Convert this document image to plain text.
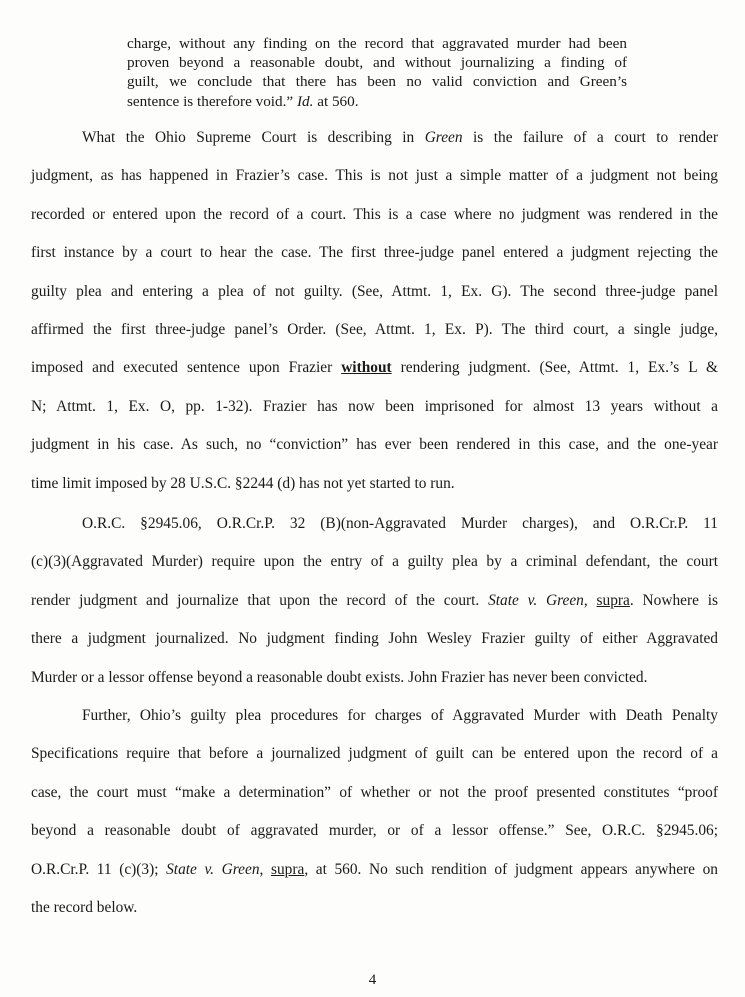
charge, without any finding on the record that aggravated murder had been
proven beyond a reasonable doubt, and without journalizing a finding of
guilt, we conclude that there has been no valid conviction and Green’s
sentence is therefore void.” Id. at 560.
What the Ohio Supreme Court is describing in Green is the failure of a court to render
judgment, as has happened in Frazier’s case. This is not just a simple matter of a judgment not being
recorded or entered upon the record of a court. This is a case where no judgment was rendered in the
first instance by a court to hear the case. The first three-judge panel entered a judgment rejecting the
guilty plea and entering a plea of not guilty. (See, Attmt. 1, Ex. G). The second three-judge panel
affirmed the first three-judge panel’s Order. (See, Attmt. 1, Ex. P). The third court, a single judge,
imposed and executed sentence upon Frazier without rendering judgment. (See, Attmt. 1, Ex.’s L &
N; Attmt. 1, Ex. O, pp. 1-32). Frazier has now been imprisoned for almost 13 years without a
judgment in his case. As such, no “conviction” has ever been rendered in this case, and the one-year
time limit imposed by 28 U.S.C. §2244 (d) has not yet started to run.
O.R.C. §2945.06, O.R.Cr.P. 32 (B)(non-Aggravated Murder charges), and O.R.Cr.P. 11
(c)(3)(Aggravated Murder) require upon the entry of a guilty plea by a criminal defendant, the court
render judgment and journalize that upon the record of the court. State v. Green, supra. Nowhere is
there a judgment journalized. No judgment finding John Wesley Frazier guilty of either Aggravated
Murder or a lessor offense beyond a reasonable doubt exists. John Frazier has never been convicted.
Further, Ohio’s guilty plea procedures for charges of Aggravated Murder with Death Penalty
Specifications require that before a journalized judgment of guilt can be entered upon the record of a
case, the court must “make a determination” of whether or not the proof presented constitutes “proof
beyond a reasonable doubt of aggravated murder, or of a lessor offense.” See, O.R.C. §2945.06;
O.R.Cr.P. 11 (c)(3); State v. Green, supra, at 560. No such rendition of judgment appears anywhere on
the record below.
4
